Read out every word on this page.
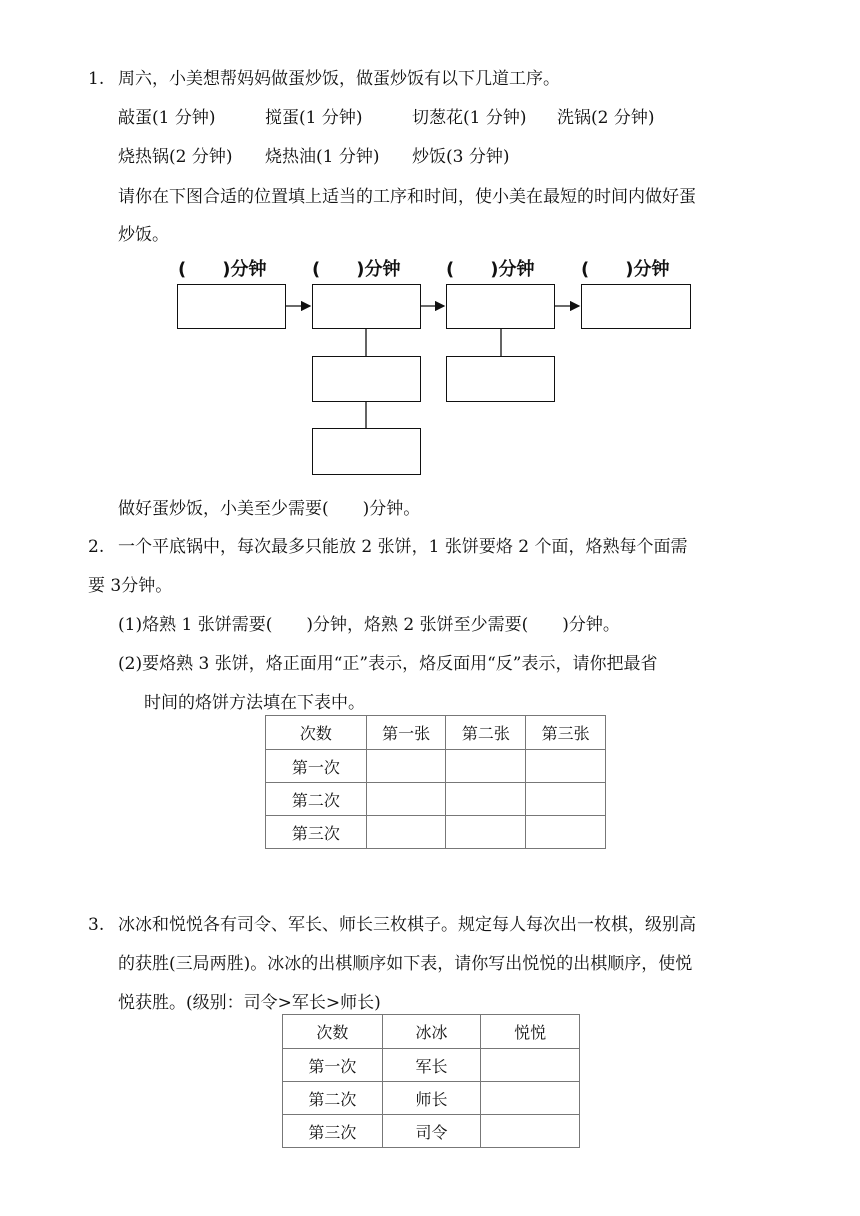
1. 周六，小美想帮妈妈做蛋炒饭，做蛋炒饭有以下几道工序。
敲蛋(1 分钟)	搅蛋(1 分钟)	切葱花(1 分钟) 洗锅(2 分钟)
烧热锅(2 分钟) 烧热油(1 分钟) 炒饭(3 分钟)
请你在下图合适的位置填上适当的工序和时间，使小美在最短的时间内做好蛋
炒饭。
(　　)分钟	(　　)分钟	(　　)分钟	(　　)分钟
做好蛋炒饭，小美至少需要(　　)分钟。
2. 一个平底锅中，每次最多只能放 2 张饼，1 张饼要烙 2 个面，烙熟每个面需
要 3分钟。
(1)烙熟 1 张饼需要(　　)分钟，烙熟 2 张饼至少需要(　　)分钟。
(2)要烙熟 3 张饼，烙正面用“正”表示，烙反面用“反”表示，请你把最省
时间的烙饼方法填在下表中。
次数	第一张	第二张	第三张
第一次			
第二次			
第三次			
3. 冰冰和悦悦各有司令、军长、师长三枚棋子。规定每人每次出一枚棋，级别高
的获胜(三局两胜)。冰冰的出棋顺序如下表，请你写出悦悦的出棋顺序，使悦
悦获胜。(级别：司令>军长>师长)
次数	冰冰	悦悦
第一次	军长	
第二次	师长	
第三次	司令	
